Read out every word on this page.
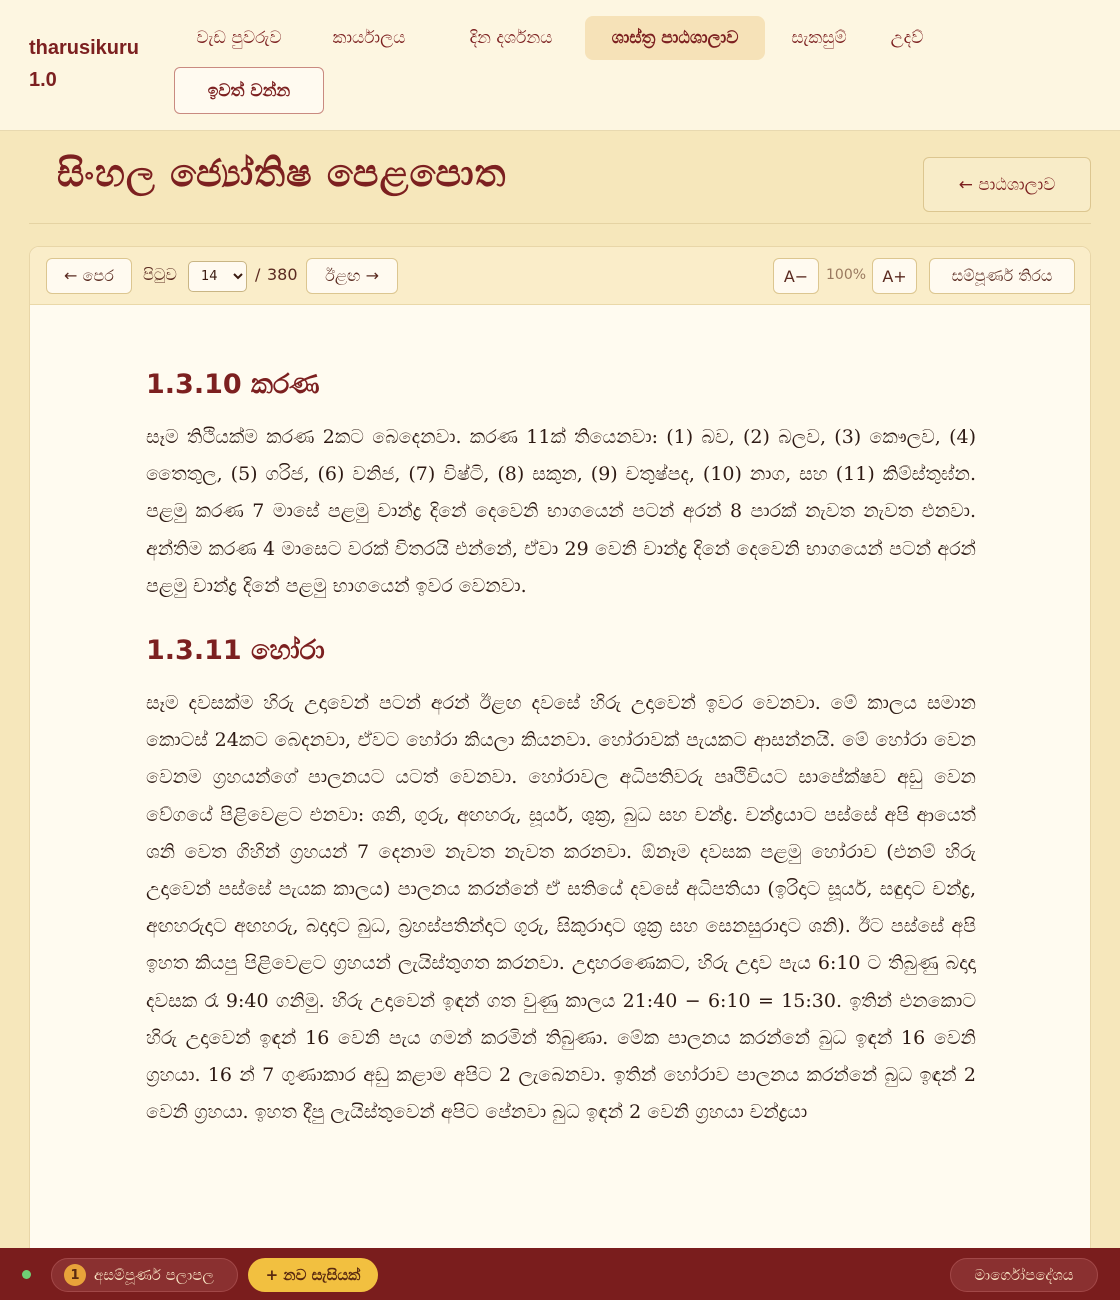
tharusikuru 1.0
වැඩ පුවරුව	කාර්යාලය	දින දර්ශනය	ශාස්ත්‍ර පාඨශාලාව	සැකසුම්	උදව්
ඉවත් වන්න
සිංහල ජ්‍යෝතිෂ පෙළපොත	← පාඨශාලාව
← පෙර	පිටුව
14	/ 380	ඊළඟ →	A−	100%	A+	සම්පූර්ණ තිරය
1.3.10 කරණ

සෑම තිථියක්ම කරණ 2කට බෙදෙනවා. කරණ 11ක් තියෙනවා: (1) බව, (2) බලව, (3) කෞලව, (4) තෛතුල, (5) ගරිජ, (6) වනිජ, (7) විෂ්ටි, (8) සකුන, (9) චතුෂ්පද, (10) නාග, සහ (11) කිම්ස්තුඝ්න. පළමු කරණ 7 මාසේ පළමු චාන්ද්‍ර දිනේ දෙවෙනි භාගයෙන් පටන් අරන් 8 පාරක් නැවත නැවත එනවා. අන්තිම කරණ 4 මාසෙට වරක් විතරයි එන්නේ, ඒවා 29 වෙනි චාන්ද්‍ර දිනේ දෙවෙනි භාගයෙන් පටන් අරන් පළමු චාන්ද්‍ර දිනේ පළමු භාගයෙන් ඉවර වෙනවා.

1.3.11 හෝරා

සෑම දවසක්ම හිරු උදාවෙන් පටන් අරන් ඊළඟ දවසේ හිරු උදාවෙන් ඉවර වෙනවා. මේ කාලය සමාන කොටස් 24කට බෙදනවා, ඒවට හෝරා කියලා කියනවා. හෝරාවක් පැයකට ආසන්නයි. මේ හෝරා වෙන වෙනම ග්‍රහයන්ගේ පාලනයට යටත් වෙනවා. හෝරාවල අධිපතිවරු පෘථිවියට සාපේක්ෂව අඩු වෙන වේගයේ පිළිවෙළට එනවා: ශනි, ගුරු, අඟහරු, සූර්ය, ශුක්‍ර, බුධ සහ චන්ද්‍ර. චන්ද්‍රයාට පස්සේ අපි ආයෙත් ශනි වෙත ගිහින් ග්‍රහයන් 7 දෙනාම නැවත නැවත කරනවා. ඕනෑම දවසක පළමු හෝරාව (එනම් හිරු උදාවෙන් පස්සේ පැයක කාලය) පාලනය කරන්නේ ඒ සතියේ දවසේ අධිපතියා (ඉරිදාට සූර්ය, සඳුදාට චන්ද්‍ර, අඟහරුදාට අඟහරු, බදාදාට බුධ, බ්‍රහස්පතින්දාට ගුරු, සිකුරාදාට ශුක්‍ර සහ සෙනසුරාදාට ශනි). ඊට පස්සේ අපි ඉහත කියපු පිළිවෙළට ග්‍රහයන් ලැයිස්තුගත කරනවා. උදාහරණෙකට, හිරු උදාව පැය 6:10 ට තිබුණු බදාදා දවසක රෑ 9:40 ගනිමු. හිරු උදාවෙන් ඉඳන් ගත වුණු කාලය 21:40 − 6:10 = 15:30. ඉතින් එනකොට හිරු උදාවෙන් ඉඳන් 16 වෙනි පැය ගමන් කරමින් තිබුණා. මේක පාලනය කරන්නේ බුධ ඉඳන් 16 වෙනි ග්‍රහයා. 16 න් 7 ගුණාකාර අඩු කළාම අපිට 2 ලැබෙනවා. ඉතින් හෝරාව පාලනය කරන්නේ බුධ ඉඳන් 2 වෙනි ග්‍රහයා. ඉහත දීපු ලැයිස්තුවෙන් අපිට පේනවා බුධ ඉඳන් 2 වෙනි ග්‍රහයා චන්ද්‍රයා

1 අසම්පූර්ණ පලාපල	+ නව සැසියක්	මාර්ගෝපදේශය
